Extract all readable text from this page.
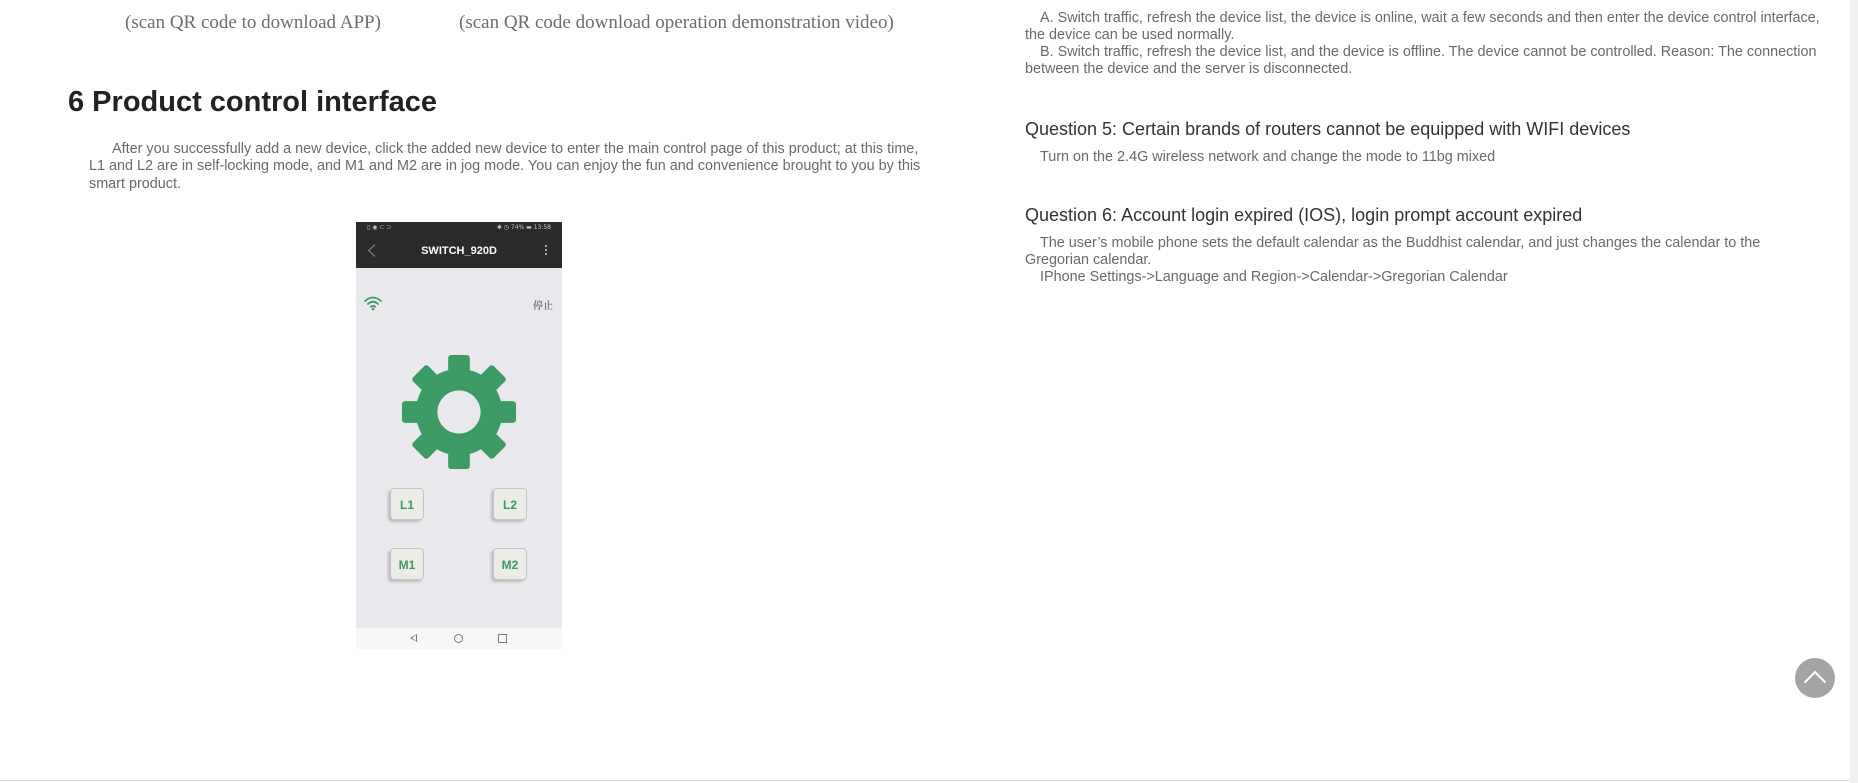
(scan QR code to download APP)	(scan QR code download operation demonstration video)
6 Product control interface

After you successfully add a new device, click the added new device to enter the main control page of this product; at this time, L1 and L2 are in self-locking mode, and M1 and M2 are in jog mode. You can enjoy the fun and convenience brought to you by this smart product.

▯ ◉ ⊂ ⊃	✱ ◷ 74% ▬ 13:58
SWITCH_920D
停止
L1	L2
M1	M2

A. Switch traffic, refresh the device list, the device is online, wait a few seconds and then enter the device control interface, the device can be used normally.

B. Switch traffic, refresh the device list, and the device is offline. The device cannot be controlled. Reason: The connection between the device and the server is disconnected.

Question 5: Certain brands of routers cannot be equipped with WIFI devices

Turn on the 2.4G wireless network and change the mode to 11bg mixed

Question 6: Account login expired (IOS), login prompt account expired

The user’s mobile phone sets the default calendar as the Buddhist calendar, and just changes the calendar to the Gregorian calendar.

IPhone Settings->Language and Region->Calendar->Gregorian Calendar
